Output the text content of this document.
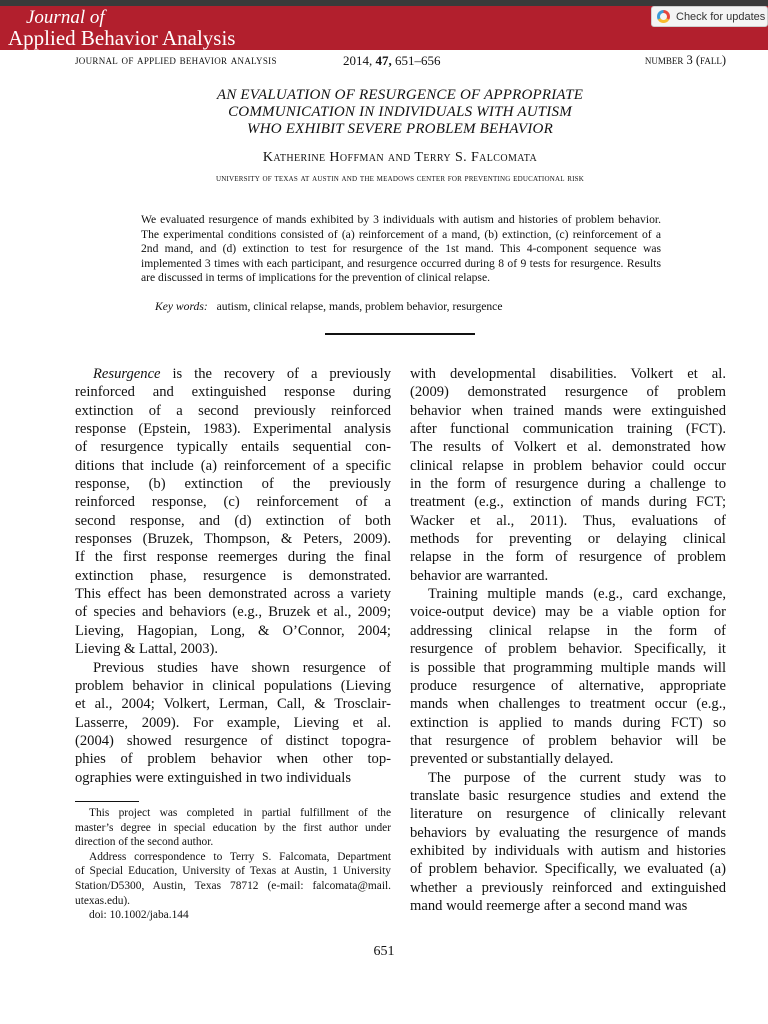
Journal of
Applied Behavior Analysis
Check for updates
journal of applied behavior analysis	2014, 47, 651–656	number 3 (fall)
AN EVALUATION OF RESURGENCE OF APPROPRIATE
COMMUNICATION IN INDIVIDUALS WITH AUTISM
WHO EXHIBIT SEVERE PROBLEM BEHAVIOR
Katherine Hoffman and Terry S. Falcomata
university of texas at austin and the meadows center for preventing educational risk
We evaluated resurgence of mands exhibited by 3 individuals with autism and histories of problem behavior. The experimental conditions consisted of (a) reinforcement of a mand, (b) extinction, (c) reinforcement of a 2nd mand, and (d) extinction to test for resurgence of the 1st mand. This 4-component sequence was implemented 3 times with each participant, and resurgence occurred during 8 of 9 tests for resurgence. Results are discussed in terms of implications for the prevention of clinical relapse.
Key words: autism, clinical relapse, mands, problem behavior, resurgence
Resurgence is the recovery of a previously
reinforced and extinguished response during
extinction of a second previously reinforced
response (Epstein, 1983). Experimental analysis
of resurgence typically entails sequential con-
ditions that include (a) reinforcement of a specific
response, (b) extinction of the previously
reinforced response, (c) reinforcement of a
second response, and (d) extinction of both
responses (Bruzek, Thompson, & Peters, 2009).
If the first response reemerges during the final
extinction phase, resurgence is demonstrated.
This effect has been demonstrated across a variety
of species and behaviors (e.g., Bruzek et al., 2009;
Lieving, Hagopian, Long, & O’Connor, 2004;
Lieving & Lattal, 2003).
Previous studies have shown resurgence of
problem behavior in clinical populations (Lieving
et al., 2004; Volkert, Lerman, Call, & Trosclair-
Lasserre, 2009). For example, Lieving et al.
(2004) showed resurgence of distinct topogra-
phies of problem behavior when other top-
ographies were extinguished in two individuals
with developmental disabilities. Volkert et al.
(2009) demonstrated resurgence of problem
behavior when trained mands were extinguished
after functional communication training (FCT).
The results of Volkert et al. demonstrated how
clinical relapse in problem behavior could occur
in the form of resurgence during a challenge to
treatment (e.g., extinction of mands during FCT;
Wacker et al., 2011). Thus, evaluations of
methods for preventing or delaying clinical
relapse in the form of resurgence of problem
behavior are warranted.
Training multiple mands (e.g., card exchange,
voice-output device) may be a viable option for
addressing clinical relapse in the form of
resurgence of problem behavior. Specifically, it
is possible that programming multiple mands will
produce resurgence of alternative, appropriate
mands when challenges to treatment occur (e.g.,
extinction is applied to mands during FCT) so
that resurgence of problem behavior will be
prevented or substantially delayed.
The purpose of the current study was to
translate basic resurgence studies and extend the
literature on resurgence of clinically relevant
behaviors by evaluating the resurgence of mands
exhibited by individuals with autism and histories
of problem behavior. Specifically, we evaluated (a)
whether a previously reinforced and extinguished
mand would reemerge after a second mand was
This project was completed in partial fulfillment of the
master’s degree in special education by the first author under
direction of the second author.
Address correspondence to Terry S. Falcomata, Department
of Special Education, University of Texas at Austin, 1 University
Station/D5300, Austin, Texas 78712 (e-mail: falcomata@mail.
utexas.edu).
doi: 10.1002/jaba.144
651
